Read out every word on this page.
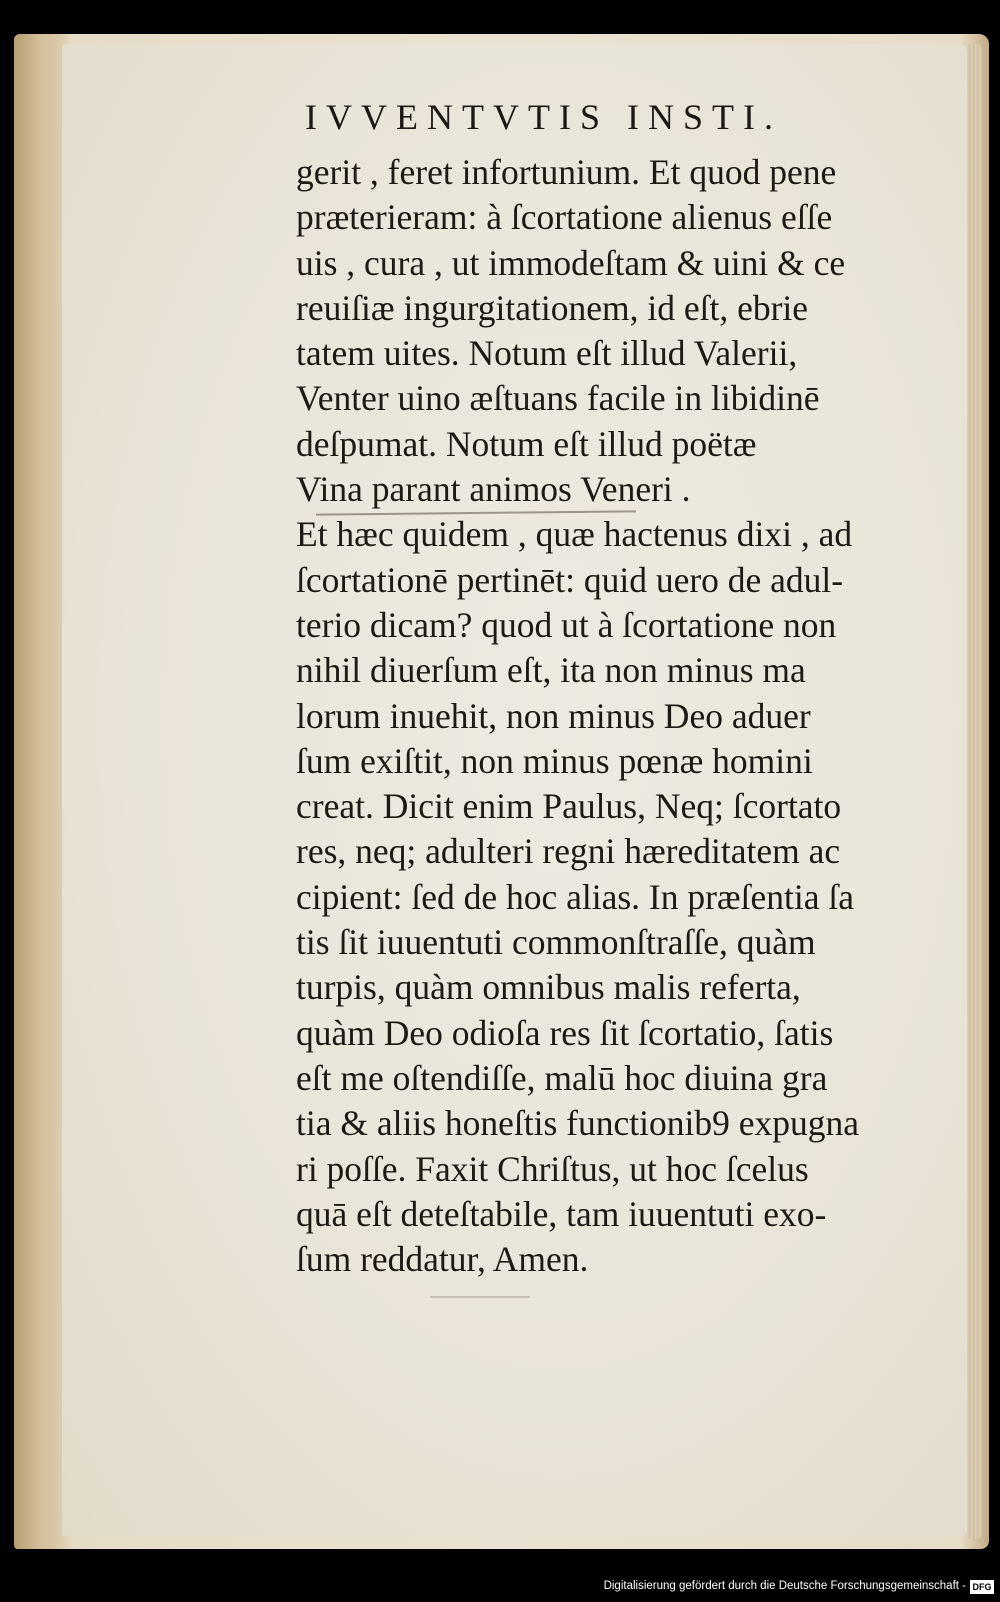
IVVENTVTIS INSTI.
gerit , feret infortunium. Et quod pene
præterieram: à ſcortatione alienus eſſe
uis , cura , ut immodeſtam & uini & ce
reuiſiæ ingurgitationem, id eſt, ebrie
tatem uites. Notum eſt illud Valerii,
Venter uino æſtuans facile in libidinē
deſpumat. Notum eſt illud poëtæ
Vina parant animos Veneri .
Et hæc quidem , quæ hactenus dixi , ad
ſcortationē pertinēt: quid uero de adul-
terio dicam? quod ut à ſcortatione non
nihil diuerſum eſt, ita non minus ma
lorum inuehit, non minus Deo aduer
ſum exiſtit, non minus pœnæ homini
creat. Dicit enim Paulus, Neq; ſcortato
res, neq; adulteri regni hæreditatem ac
cipient: ſed de hoc alias. In præſentia ſa
tis ſit iuuentuti commonſtraſſe, quàm
turpis, quàm omnibus malis referta,
quàm Deo odioſa res ſit ſcortatio, ſatis
eſt me oſtendiſſe, malū hoc diuina gra
tia & aliis honeſtis functionib9 expugna
ri poſſe. Faxit Chriſtus, ut hoc ſcelus
quā eſt deteſtabile, tam iuuentuti exo-
ſum reddatur, Amen.
Digitalisierung gefördert durch die Deutsche Forschungsgemeinschaft - DFG
